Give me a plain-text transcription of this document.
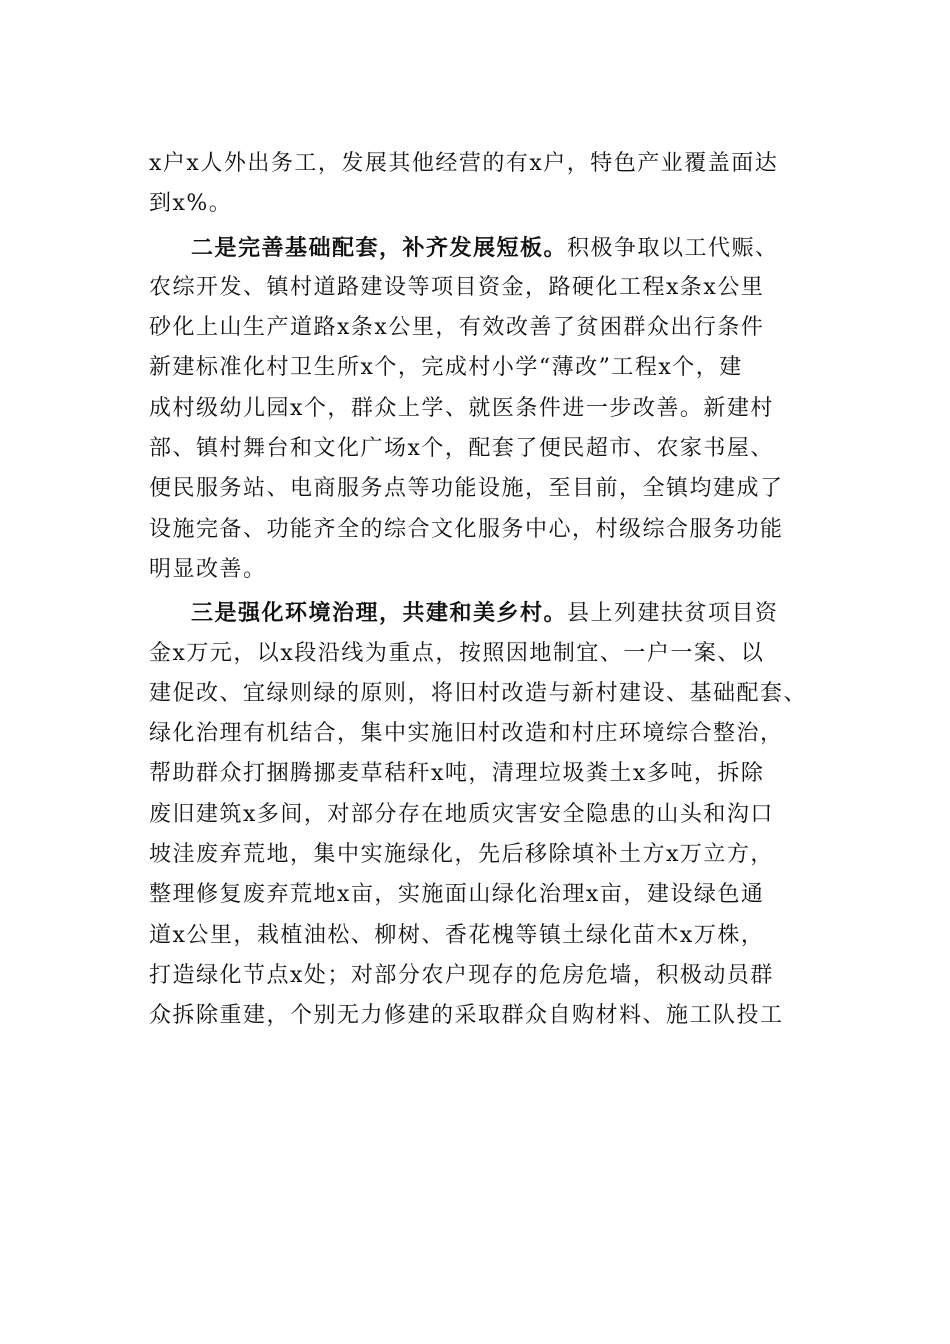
x户x人外出务工，发展其他经营的有x户，特色产业覆盖面达
到x%。
二是完善基础配套，补齐发展短板。积极争取以工代赈、
农综开发、镇村道路建设等项目资金，路硬化工程x条x公里
砂化上山生产道路x条x公里，有效改善了贫困群众出行条件
新建标准化村卫生所x个，完成村小学“薄改”工程x个，建
成村级幼儿园x个，群众上学、就医条件进一步改善。新建村
部、镇村舞台和文化广场x个，配套了便民超市、农家书屋、
便民服务站、电商服务点等功能设施，至目前，全镇均建成了
设施完备、功能齐全的综合文化服务中心，村级综合服务功能
明显改善。
三是强化环境治理，共建和美乡村。县上列建扶贫项目资
金x万元，以x段沿线为重点，按照因地制宜、一户一案、以
建促改、宜绿则绿的原则，将旧村改造与新村建设、基础配套、
绿化治理有机结合，集中实施旧村改造和村庄环境综合整治，
帮助群众打捆腾挪麦草秸秆x吨，清理垃圾粪土x多吨，拆除
废旧建筑x多间，对部分存在地质灾害安全隐患的山头和沟口
坡洼废弃荒地，集中实施绿化，先后移除填补土方x万立方，
整理修复废弃荒地x亩，实施面山绿化治理x亩，建设绿色通
道x公里，栽植油松、柳树、香花槐等镇土绿化苗木x万株，
打造绿化节点x处；对部分农户现存的危房危墙，积极动员群
众拆除重建，个别无力修建的采取群众自购材料、施工队投工
